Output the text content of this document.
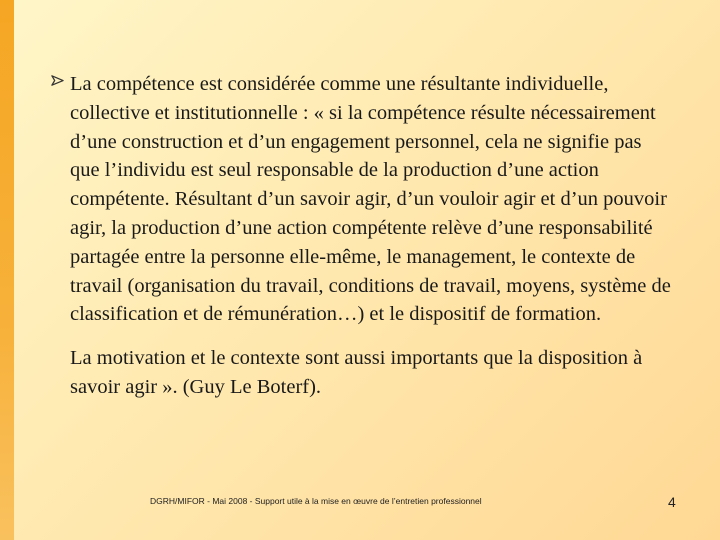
La compétence est considérée comme une résultante individuelle, collective et institutionnelle : « si la compétence résulte nécessairement d’une construction et d’un engagement personnel, cela ne signifie pas que l’individu est seul responsable de la production d’une action compétente. Résultant d’un savoir agir, d’un vouloir agir et d’un pouvoir agir, la production d’une action compétente relève d’une responsabilité partagée entre la personne elle-même, le management, le contexte de travail (organisation du travail, conditions de travail, moyens, système de classification et de rémunération…) et le dispositif de formation.

La motivation et le contexte sont aussi importants que la disposition à savoir agir ». (Guy Le Boterf).

DGRH/MIFOR - Mai 2008 - Support utile à la mise en œuvre de l’entretien professionnel	4
